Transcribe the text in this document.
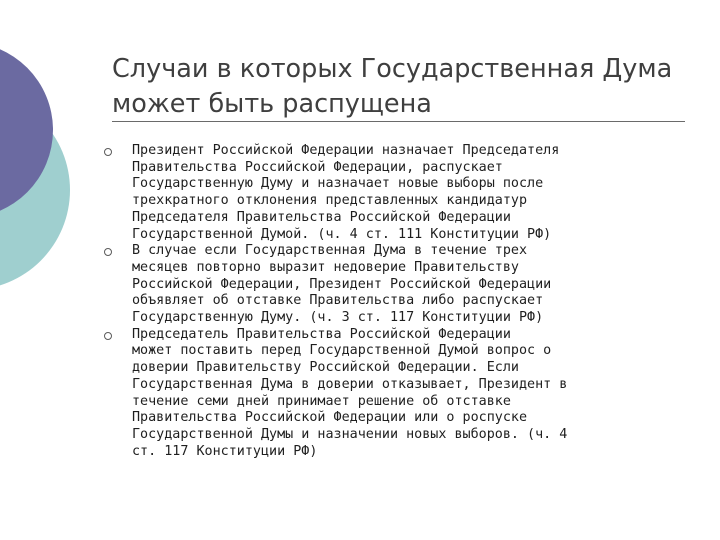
Случаи в которых Государственная Дума
может быть распущена
Президент Российской Федерации назначает Председателя
Правительства Российской Федерации, распускает
Государственную Думу и назначает новые выборы после
трехкратного отклонения представленных кандидатур
Председателя Правительства Российской Федерации
Государственной Думой. (ч. 4 ст. 111 Конституции РФ)
В случае если Государственная Дума в течение трех
месяцев повторно выразит недоверие Правительству
Российской Федерации, Президент Российской Федерации
объявляет об отставке Правительства либо распускает
Государственную Думу. (ч. 3 ст. 117 Конституции РФ)
Председатель Правительства Российской Федерации
может поставить перед Государственной Думой вопрос о
доверии Правительству Российской Федерации. Если
Государственная Дума в доверии отказывает, Президент в
течение семи дней принимает решение об отставке
Правительства Российской Федерации или о роспуске
Государственной Думы и назначении новых выборов. (ч. 4
ст. 117 Конституции РФ)
